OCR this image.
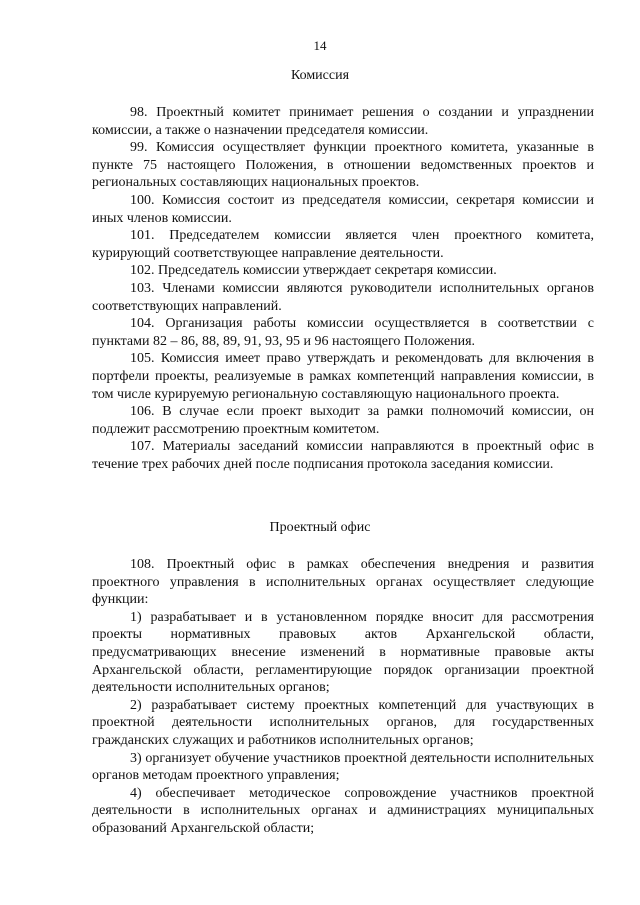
14
Комиссия

98. Проектный комитет принимает решения о создании и упразднении комиссии, а также о назначении председателя комиссии.

99. Комиссия осуществляет функции проектного комитета, указанные в пункте 75 настоящего Положения, в отношении ведомственных проектов и региональных составляющих национальных проектов.

100. Комиссия состоит из председателя комиссии, секретаря комиссии и иных членов комиссии.

101. Председателем комиссии является член проектного комитета, курирующий соответствующее направление деятельности.

102. Председатель комиссии утверждает секретаря комиссии.

103. Членами комиссии являются руководители исполнительных органов соответствующих направлений.

104. Организация работы комиссии осуществляется в соответствии с пунктами 82 – 86, 88, 89, 91, 93, 95 и 96 настоящего Положения.

105. Комиссия имеет право утверждать и рекомендовать для включения в портфели проекты, реализуемые в рамках компетенций направления комиссии, в том числе курируемую региональную составляющую национального проекта.

106. В случае если проект выходит за рамки полномочий комиссии, он подлежит рассмотрению проектным комитетом.

107. Материалы заседаний комиссии направляются в проектный офис в течение трех рабочих дней после подписания протокола заседания комиссии.

Проектный офис

108. Проектный офис в рамках обеспечения внедрения и развития проектного управления в исполнительных органах осуществляет следующие функции:

1) разрабатывает и в установленном порядке вносит для рассмотрения проекты нормативных правовых актов Архангельской области, предусматривающих внесение изменений в нормативные правовые акты Архангельской области, регламентирующие порядок организации проектной деятельности исполнительных органов;

2) разрабатывает систему проектных компетенций для участвующих в проектной деятельности исполнительных органов, для государственных гражданских служащих и работников исполнительных органов;

3) организует обучение участников проектной деятельности исполнительных органов методам проектного управления;

4) обеспечивает методическое сопровождение участников проектной деятельности в исполнительных органах и администрациях муниципальных образований Архангельской области;
